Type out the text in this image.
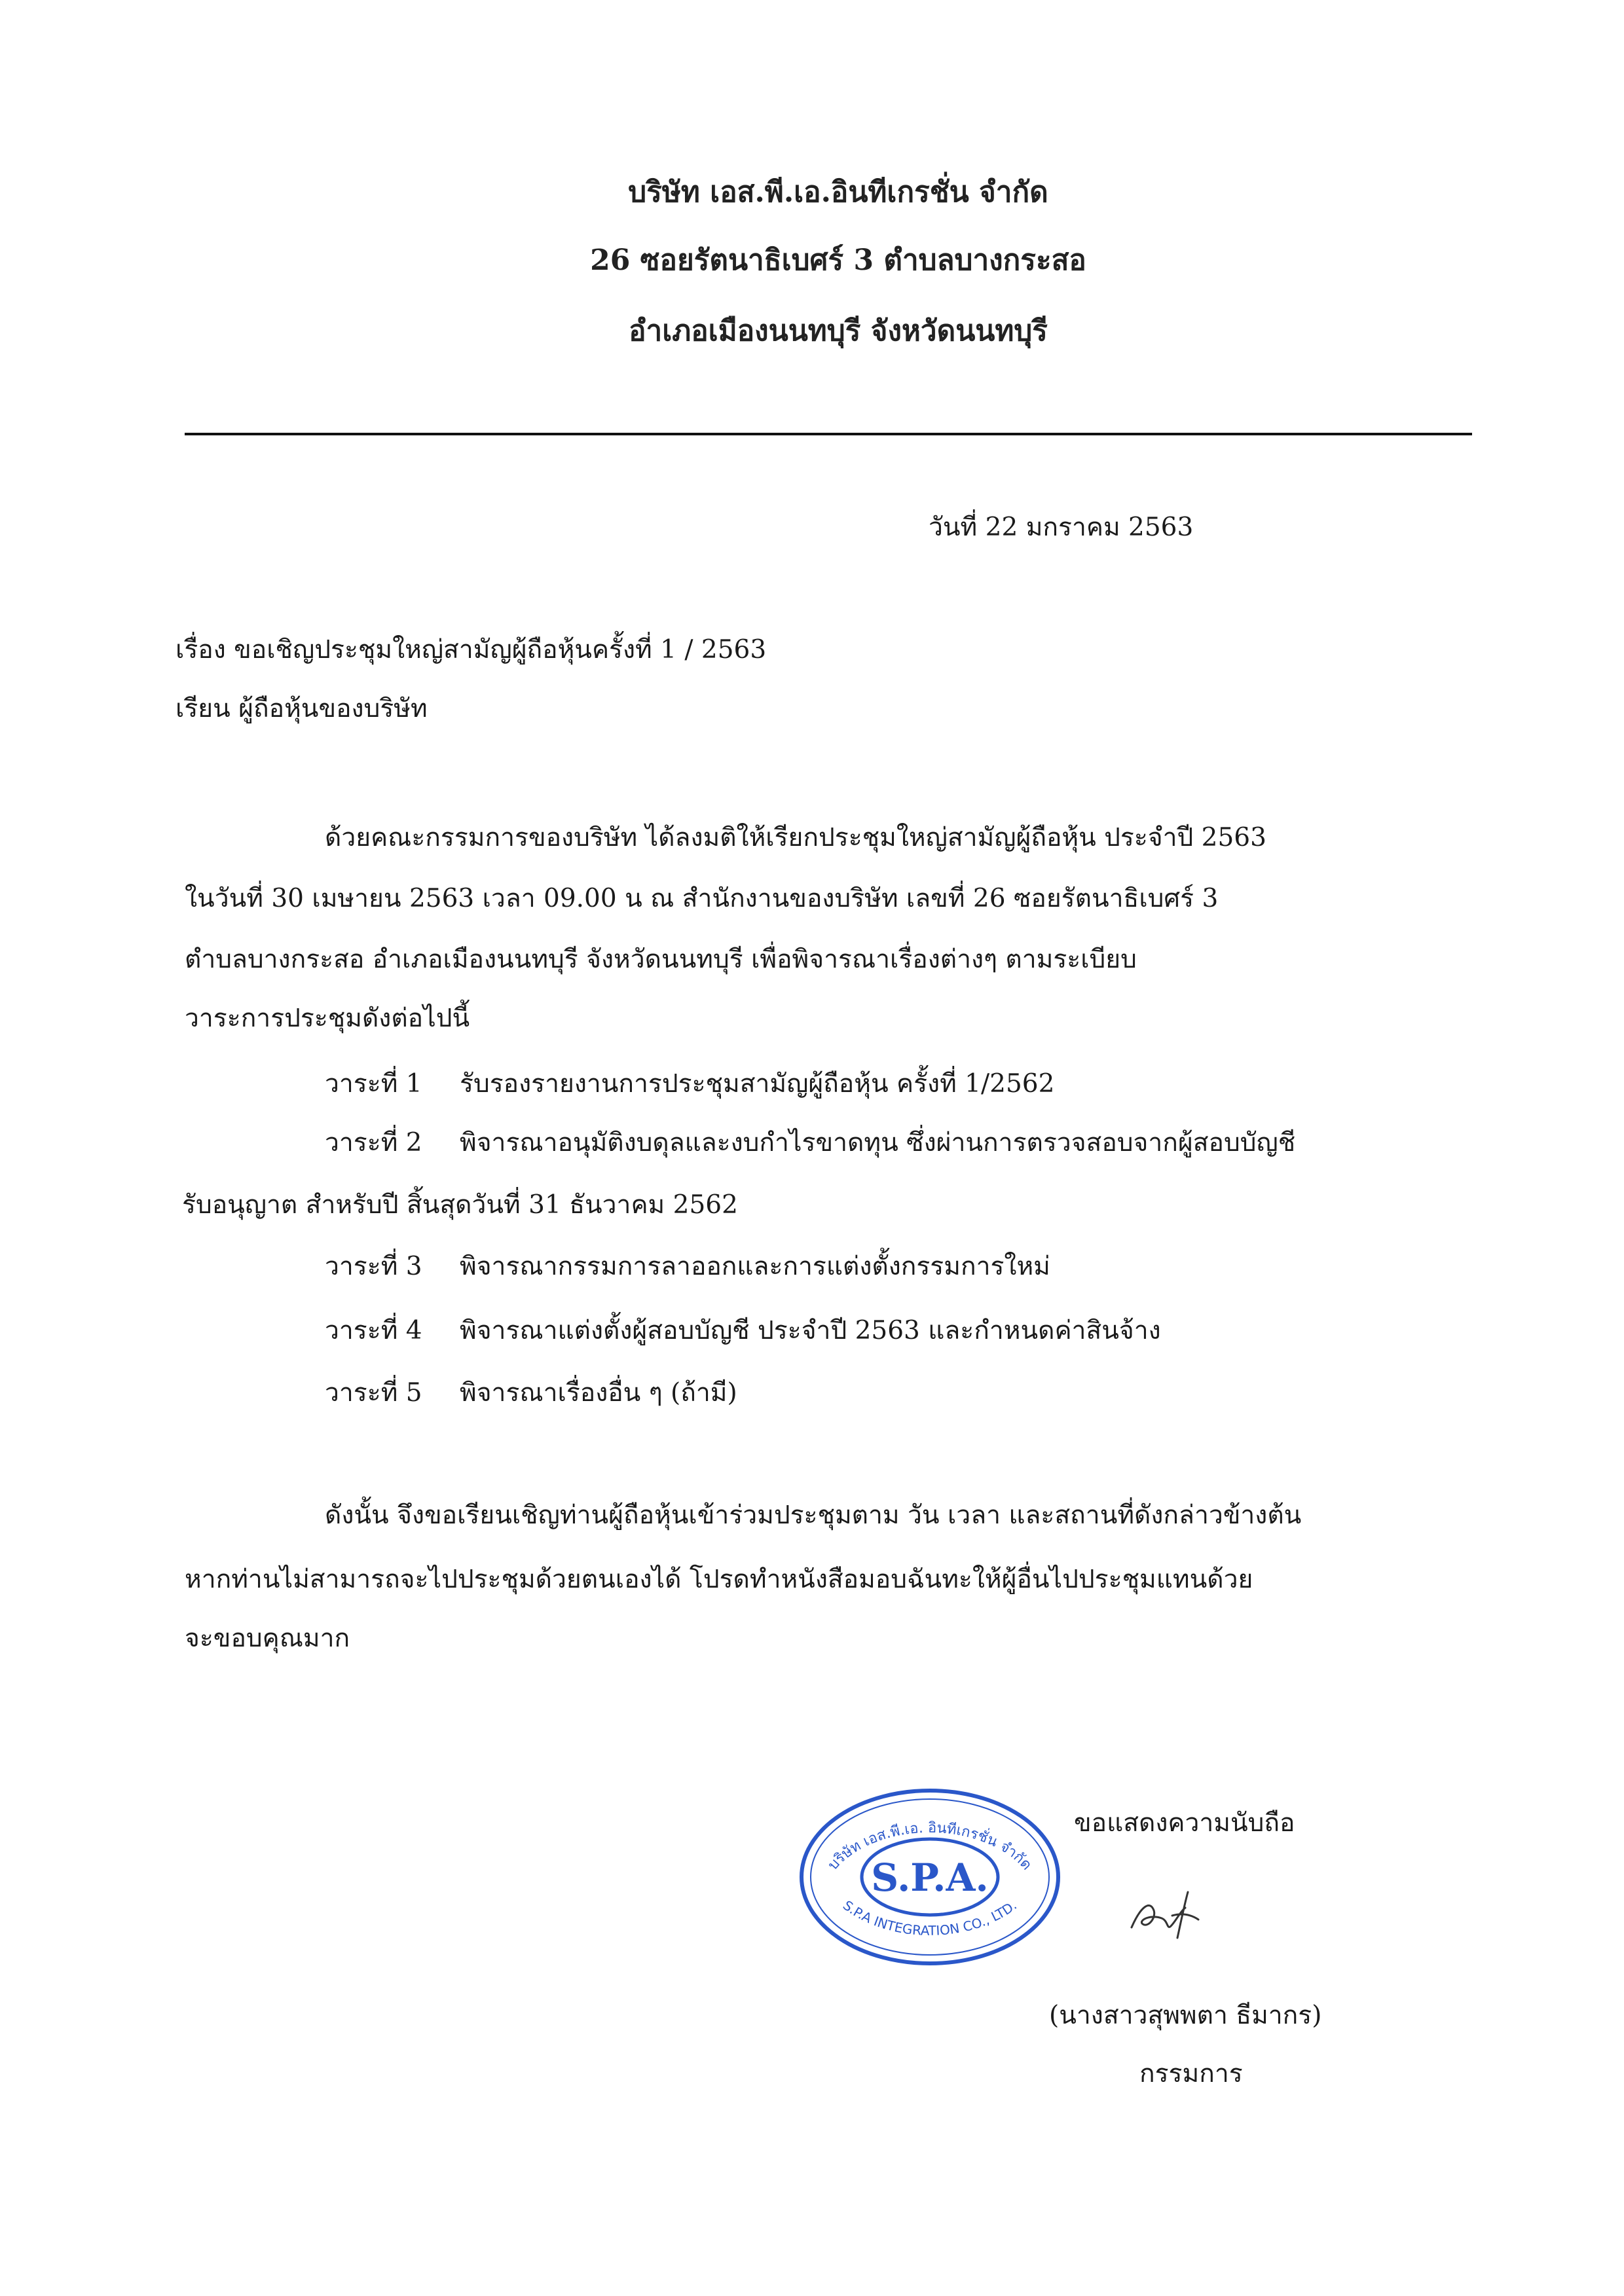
บริษัท เอส.พี.เอ.อินทีเกรชั่น จำกัด
26 ซอยรัตนาธิเบศร์ 3 ตำบลบางกระสอ
อำเภอเมืองนนทบุรี จังหวัดนนทบุรี
วันที่ 22 มกราคม 2563
เรื่อง ขอเชิญประชุมใหญ่สามัญผู้ถือหุ้นครั้งที่ 1 / 2563
เรียน ผู้ถือหุ้นของบริษัท
ด้วยคณะกรรมการของบริษัท ได้ลงมติให้เรียกประชุมใหญ่สามัญผู้ถือหุ้น ประจำปี 2563
ในวันที่ 30 เมษายน 2563 เวลา 09.00 น ณ สำนักงานของบริษัท เลขที่ 26 ซอยรัตนาธิเบศร์ 3
ตำบลบางกระสอ อำเภอเมืองนนทบุรี จังหวัดนนทบุรี เพื่อพิจารณาเรื่องต่างๆ ตามระเบียบ
วาระการประชุมดังต่อไปนี้
วาระที่ 1 รับรองรายงานการประชุมสามัญผู้ถือหุ้น ครั้งที่ 1/2562
วาระที่ 2 พิจารณาอนุมัติงบดุลและงบกำไรขาดทุน ซึ่งผ่านการตรวจสอบจากผู้สอบบัญชี
รับอนุญาต สำหรับปี สิ้นสุดวันที่ 31 ธันวาคม 2562
วาระที่ 3 พิจารณากรรมการลาออกและการแต่งตั้งกรรมการใหม่
วาระที่ 4 พิจารณาแต่งตั้งผู้สอบบัญชี ประจำปี 2563 และกำหนดค่าสินจ้าง
วาระที่ 5 พิจารณาเรื่องอื่น ๆ (ถ้ามี)
ดังนั้น จึงขอเรียนเชิญท่านผู้ถือหุ้นเข้าร่วมประชุมตาม วัน เวลา และสถานที่ดังกล่าวข้างต้น
หากท่านไม่สามารถจะไปประชุมด้วยตนเองได้ โปรดทำหนังสือมอบฉันทะให้ผู้อื่นไปประชุมแทนด้วย
จะขอบคุณมาก
บริษัท เอส.พี.เอ. อินทีเกรชั่น จำกัด
S.P.A.
S.P.A INTEGRATION CO., LTD.
ขอแสดงความนับถือ
(นางสาวสุพพตา ธีมากร)
กรรมการ
